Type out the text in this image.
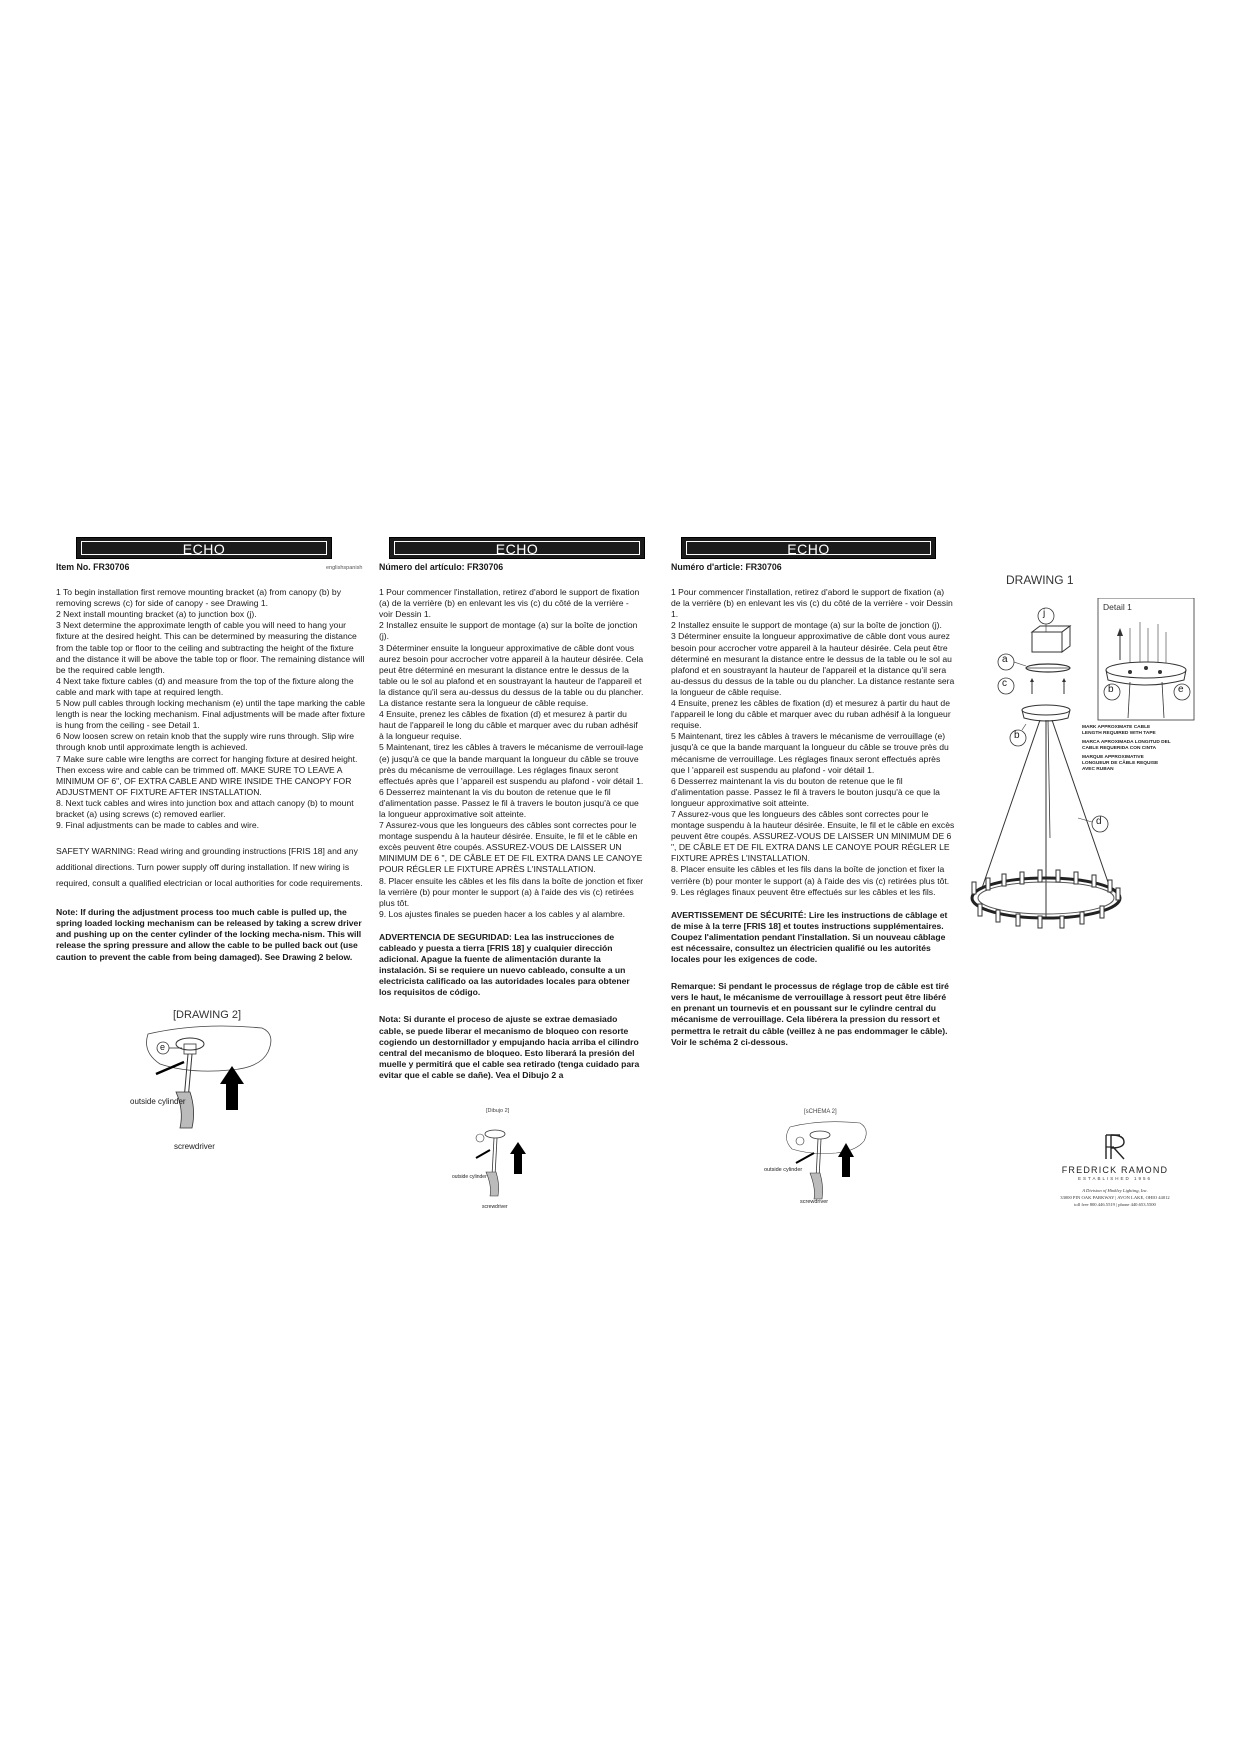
ECHO
Item No. FR30706	englishspanish

1 To begin installation first remove mounting bracket (a) from canopy (b) by removing screws (c) for side of canopy - see Drawing 1.

2 Next install mounting bracket (a) to junction box (j).

3 Next determine the approximate length of cable you will need to hang your fixture at the desired height. This can be determined by measuring the distance from the table top or floor to the ceiling and subtracting the height of the fixture and the distance it will be above the table top or floor. The remaining distance will be the required cable length.

4 Next take fixture cables (d) and measure from the top of the fixture along the cable and mark with tape at required length.

5 Now pull cables through locking mechanism (e) until the tape marking the cable length is near the locking mechanism. Final adjustments will be made after fixture is hung from the ceiling - see Detail 1.

6 Now loosen screw on retain knob that the supply wire runs through. Slip wire through knob until approximate length is achieved.

7 Make sure cable wire lengths are correct for hanging fixture at desired height. Then excess wire and cable can be trimmed off. MAKE SURE TO LEAVE A MINIMUM OF 6", OF EXTRA CABLE AND WIRE INSIDE THE CANOPY FOR ADJUSTMENT OF FIXTURE AFTER INSTALLATION.

8. Next tuck cables and wires into junction box and attach canopy (b) to mount bracket (a) using screws (c) removed earlier.

9. Final adjustments can be made to cables and wire.

SAFETY WARNING: Read wiring and grounding instructions [FRIS 18] and any additional directions. Turn power supply off during installation. If new wiring is required, consult a qualified electrician or local authorities for code requirements.
Note: If during the adjustment process too much cable is pulled up, the spring loaded locking mechanism can be released by taking a screw driver and pushing up on the center cylinder of the locking mecha-nism. This will release the spring pressure and allow the cable to be pulled back out (use caution to prevent the cable from being damaged). See Drawing 2 below.
ECHO
Número del artículo: FR30706

1 Pour commencer l'installation, retirez d'abord le support de fixation (a) de la verrière (b) en enlevant les vis (c) du côté de la verrière - voir Dessin 1.

2 Installez ensuite le support de montage (a) sur la boîte de jonction (j).

3 Déterminer ensuite la longueur approximative de câble dont vous aurez besoin pour accrocher votre appareil à la hauteur désirée. Cela peut être déterminé en mesurant la distance entre le dessus de la table ou le sol au plafond et en soustrayant la hauteur de l'appareil et la distance qu'il sera au-dessus du dessus de la table ou du plancher. La distance restante sera la longueur de câble requise.

4 Ensuite, prenez les câbles de fixation (d) et mesurez à partir du haut de l'appareil le long du câble et marquer avec du ruban adhésif à la longueur requise.

5 Maintenant, tirez les câbles à travers le mécanisme de verrouil-lage (e) jusqu'à ce que la bande marquant la longueur du câble se trouve près du mécanisme de verrouillage. Les réglages finaux seront effectués après que l 'appareil est suspendu au plafond - voir détail 1.

6 Desserrez maintenant la vis du bouton de retenue que le fil d'alimentation passe. Passez le fil à travers le bouton jusqu'à ce que la longueur approximative soit atteinte.

7 Assurez-vous que les longueurs des câbles sont correctes pour le montage suspendu à la hauteur désirée. Ensuite, le fil et le câble en excès peuvent être coupés. ASSUREZ-VOUS DE LAISSER UN MINIMUM DE 6 ", DE CÂBLE ET DE FIL EXTRA DANS LE CANOYE POUR RÉGLER LE FIXTURE APRÈS L'INSTALLATION.

8. Placer ensuite les câbles et les fils dans la boîte de jonction et fixer la verrière (b) pour monter le support (a) à l'aide des vis (c) retirées plus tôt.

9. Los ajustes finales se pueden hacer a los cables y al alambre.

ADVERTENCIA DE SEGURIDAD: Lea las instrucciones de cableado y puesta a tierra [FRIS 18] y cualquier dirección adicional. Apague la fuente de alimentación durante la instalación. Si se requiere un nuevo cableado, consulte a un electricista calificado oa las autoridades locales para obtener los requisitos de código.
Nota: Si durante el proceso de ajuste se extrae demasiado cable, se puede liberar el mecanismo de bloqueo con resorte cogiendo un destornillador y empujando hacia arriba el cilindro central del mecanismo de bloqueo. Esto liberará la presión del muelle y permitirá que el cable sea retirado (tenga cuidado para evitar que el cable se dañe). Vea el Dibujo 2 a
ECHO
Numéro d'article: FR30706

1 Pour commencer l'installation, retirez d'abord le support de fixation (a) de la verrière (b) en enlevant les vis (c) du côté de la verrière - voir Dessin 1.

2 Installez ensuite le support de montage (a) sur la boîte de jonction (j).

3 Déterminer ensuite la longueur approximative de câble dont vous aurez besoin pour accrocher votre appareil à la hauteur désirée. Cela peut être déterminé en mesurant la distance entre le dessus de la table ou le sol au plafond et en soustrayant la hauteur de l'appareil et la distance qu'il sera au-dessus du dessus de la table ou du plancher. La distance restante sera la longueur de câble requise.

4 Ensuite, prenez les câbles de fixation (d) et mesurez à partir du haut de l'appareil le long du câble et marquer avec du ruban adhésif à la longueur requise.

5 Maintenant, tirez les câbles à travers le mécanisme de verrouillage (e) jusqu'à ce que la bande marquant la longueur du câble se trouve près du mécanisme de verrouillage. Les réglages finaux seront effectués après que l 'appareil est suspendu au plafond - voir détail 1.

6 Desserrez maintenant la vis du bouton de retenue que le fil d'alimentation passe. Passez le fil à travers le bouton jusqu'à ce que la longueur approximative soit atteinte.

7 Assurez-vous que les longueurs des câbles sont correctes pour le montage suspendu à la hauteur désirée. Ensuite, le fil et le câble en excès peuvent être coupés. ASSUREZ-VOUS DE LAISSER UN MINIMUM DE 6 ", DE CÂBLE ET DE FIL EXTRA DANS LE CANOYE POUR RÉGLER LE FIXTURE APRÈS L'INSTALLATION.

8. Placer ensuite les câbles et les fils dans la boîte de jonction et fixer la verrière (b) pour monter le support (a) à l'aide des vis (c) retirées plus tôt.

9. Les réglages finaux peuvent être effectués sur les câbles et les fils.

AVERTISSEMENT DE SÉCURITÉ: Lire les instructions de câblage et de mise à la terre [FRIS 18] et toutes instructions supplémentaires. Coupez l'alimentation pendant l'installation. Si un nouveau câblage est nécessaire, consultez un électricien qualifié ou les autorités locales pour les exigences de code.
Remarque: Si pendant le processus de réglage trop de câble est tiré vers le haut, le mécanisme de verrouillage à ressort peut être libéré en prenant un tournevis et en poussant sur le cylindre central du mécanisme de verrouillage. Cela libérera la pression du ressort et permettra le retrait du câble (veillez à ne pas endommager le câble). Voir le schéma 2 ci-dessous.
[DRAWING 2]
e
outside cylinder
screwdriver
[Dibujo 2]
outside cylinder
screwdriver
[sCHEMA 2]
outside cylinder
screwdriver
DRAWING 1
j
a
c
b
d
Detail 1
b	e
MARK APPROXIMATE CABLE LENGTH REQUIRED WITH TAPE
MARCA APROXIMADA LONGITUD DEL CABLE REQUERIDA CON CINTA
MARQUE APPROXIMATIVE LONGUEUR DE CÂBLE REQUISE AVEC RUBAN
FREDRICK RAMOND
ESTABLISHED 1956
A Division of Hinkley Lighting, Inc.
33000 PIN OAK PARKWAY | AVON LAKE, OHIO 44012
toll free 800.446.5519 | phone 440.653.5500
